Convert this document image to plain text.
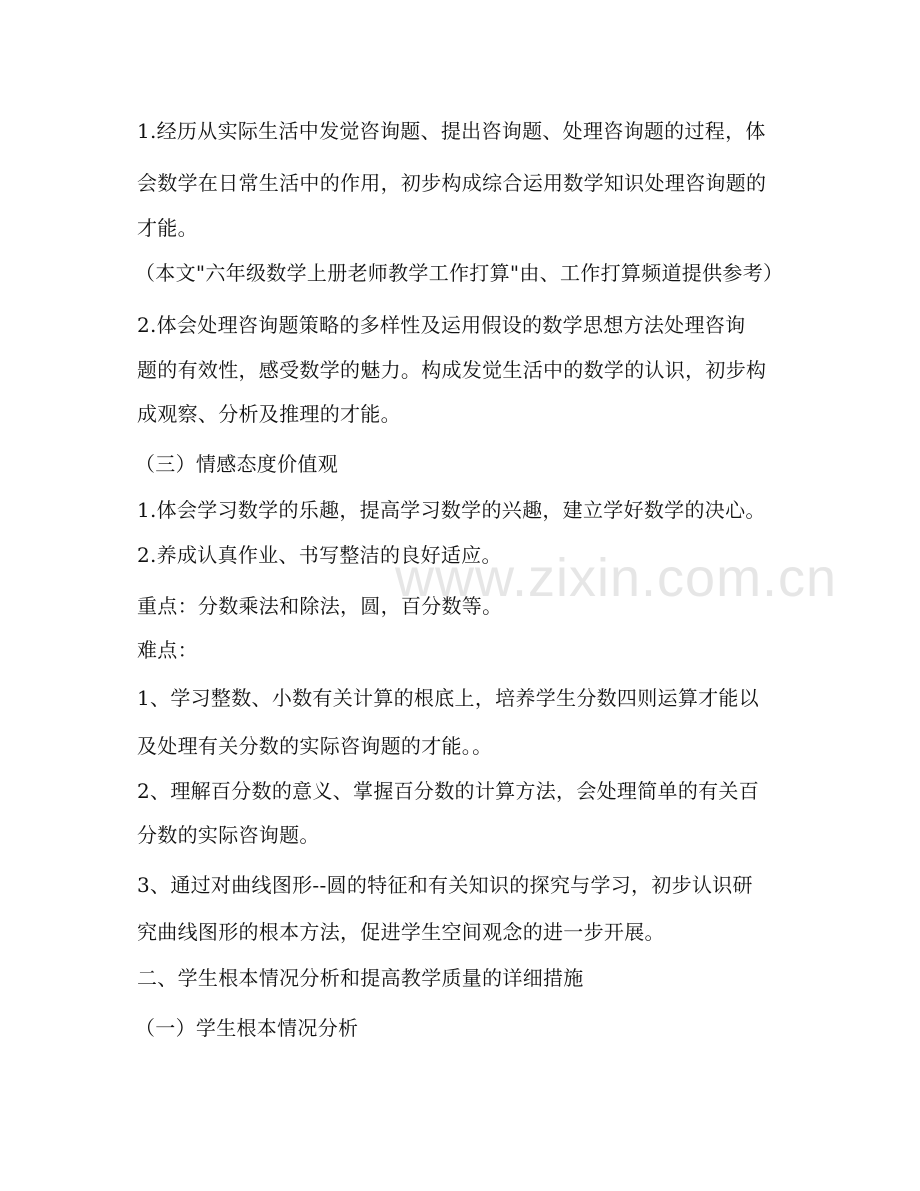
www.zixin.com.cn
1.经历从实际生活中发觉咨询题、提出咨询题、处理咨询题的过程，体
会数学在日常生活中的作用，初步构成综合运用数学知识处理咨询题的
才能。
（本文"六年级数学上册老师教学工作打算"由、工作打算频道提供参考）
2.体会处理咨询题策略的多样性及运用假设的数学思想方法处理咨询
题的有效性，感受数学的魅力。构成发觉生活中的数学的认识，初步构
成观察、分析及推理的才能。
（三）情感态度价值观
1.体会学习数学的乐趣，提高学习数学的兴趣，建立学好数学的决心。
2.养成认真作业、书写整洁的良好适应。
重点：分数乘法和除法，圆，百分数等。
难点：
1、学习整数、小数有关计算的根底上，培养学生分数四则运算才能以
及处理有关分数的实际咨询题的才能。。
2、理解百分数的意义、掌握百分数的计算方法，会处理简单的有关百
分数的实际咨询题。
3、通过对曲线图形--圆的特征和有关知识的探究与学习，初步认识研
究曲线图形的根本方法，促进学生空间观念的进一步开展。
二、学生根本情况分析和提高教学质量的详细措施
（一）学生根本情况分析
